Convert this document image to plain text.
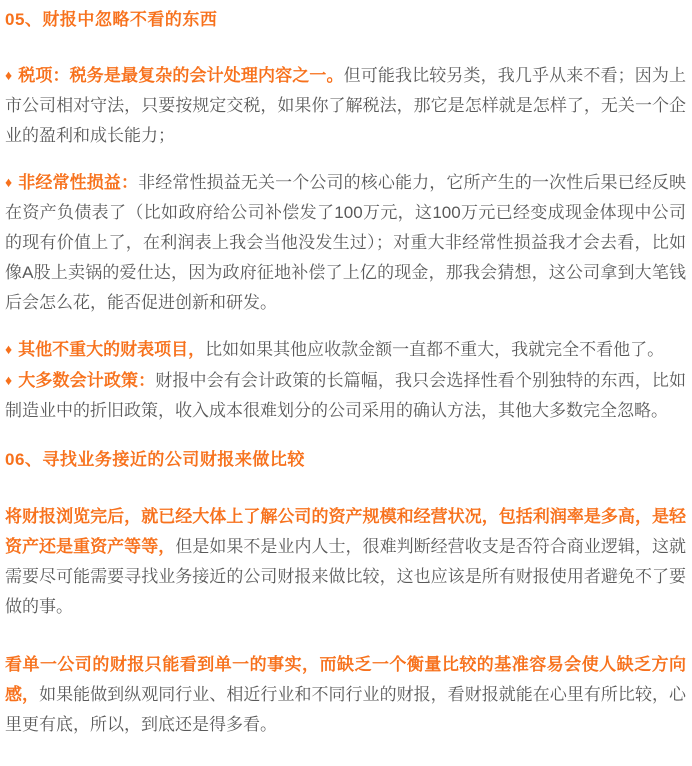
05、财报中忽略不看的东西

♦ 税项：税务是最复杂的会计处理内容之一。但可能我比较另类，我几乎从来不看；因为上市公司相对守法，只要按规定交税，如果你了解税法，那它是怎样就是怎样了，无关一个企业的盈利和成长能力；

♦ 非经常性损益：非经常性损益无关一个公司的核心能力，它所产生的一次性后果已经反映在资产负债表了（比如政府给公司补偿发了100万元，这100万元已经变成现金体现中公司的现有价值上了，在利润表上我会当他没发生过）；对重大非经常性损益我才会去看，比如像A股上卖锅的爱仕达，因为政府征地补偿了上亿的现金，那我会猜想，这公司拿到大笔钱后会怎么花，能否促进创新和研发。

♦ 其他不重大的财表项目，比如如果其他应收款金额一直都不重大，我就完全不看他了。

♦ 大多数会计政策：财报中会有会计政策的长篇幅，我只会选择性看个别独特的东西，比如制造业中的折旧政策，收入成本很难划分的公司采用的确认方法，其他大多数完全忽略。

06、寻找业务接近的公司财报来做比较

将财报浏览完后，就已经大体上了解公司的资产规模和经营状况，包括利润率是多高，是轻资产还是重资产等等，但是如果不是业内人士，很难判断经营收支是否符合商业逻辑，这就需要尽可能需要寻找业务接近的公司财报来做比较，这也应该是所有财报使用者避免不了要做的事。

看单一公司的财报只能看到单一的事实，而缺乏一个衡量比较的基准容易会使人缺乏方向感，如果能做到纵观同行业、相近行业和不同行业的财报，看财报就能在心里有所比较，心里更有底，所以，到底还是得多看。
